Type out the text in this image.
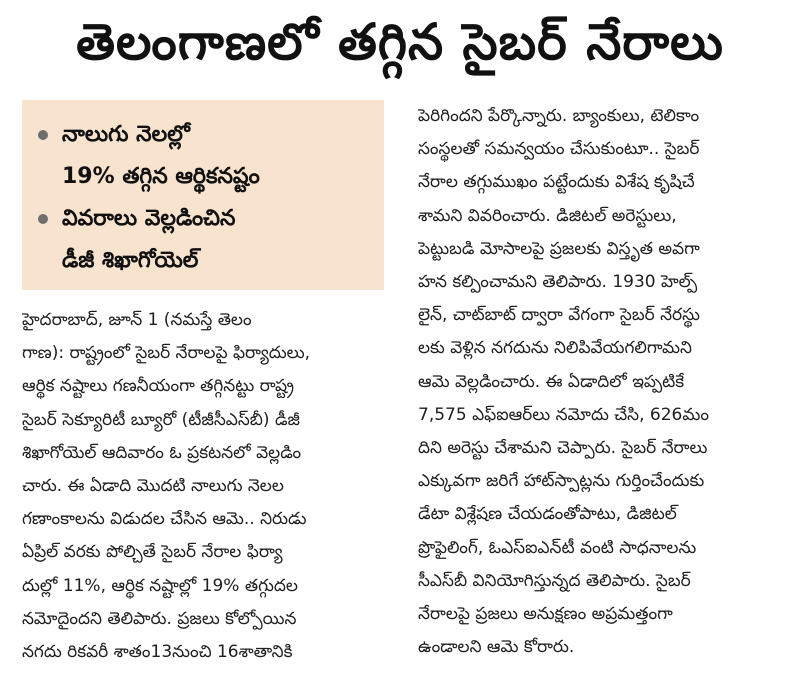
తెలంగాణలో తగ్గిన సైబర్ నేరాలు
నాలుగు నెలల్లో
19% తగ్గిన ఆర్థికనష్టం
వివరాలు వెల్లడించిన
డీజీ శిఖాగోయెల్
హైదరాబాద్, జూన్ 1 (నమస్తే తెలం
గాణ): రాష్ట్రంలో సైబర్ నేరాలపై ఫిర్యాదులు,
ఆర్థిక నష్టాలు గణనీయంగా తగ్గినట్టు రాష్ట్ర
సైబర్ సెక్యూరిటీ బ్యూరో (టీజీసీఎస్‌బీ) డీజీ
శిఖాగోయెల్ ఆదివారం ఓ ప్రకటనలో వెల్లడిం
చారు. ఈ ఏడాది మొదటి నాలుగు నెలల
గణాంకాలను విడుదల చేసిన ఆమె.. నిరుడు
ఏప్రిల్ వరకు పోల్చితే సైబర్ నేరాల ఫిర్యా
దుల్లో 11%, ఆర్థిక నష్టాల్లో 19% తగ్గుదల
నమోదైందని తెలిపారు. ప్రజలు కోల్పోయిన
నగదు రికవరీ శాతం13నుంచి 16శాతానికి
పెరిగిందని పేర్కొన్నారు. బ్యాంకులు, టెలికాం
సంస్థలతో సమన్వయం చేసుకుంటూ.. సైబర్
నేరాల తగ్గుముఖం పట్టేందుకు విశేష కృషిచే
శామని వివరించారు. డిజిటల్ అరెస్టులు,
పెట్టుబడి మోసాలపై ప్రజలకు విస్తృత అవగా
హన కల్పించామని తెలిపారు. 1930 హెల్ప్
లైన్, చాట్‌బాట్ ద్వారా వేగంగా సైబర్ నేరస్థు
లకు వెళ్లిన నగదును నిలిపివేయగలిగామని
ఆమె వెల్లడించారు. ఈ ఏడాదిలో ఇప్పటికే
7,575 ఎఫ్ఐఆర్‌లు నమోదు చేసి, 626మం
దిని అరెస్టు చేశామని చెప్పారు. సైబర్ నేరాలు
ఎక్కువగా జరిగే హాట్‌స్పాట్లను గుర్తించేందుకు
డేటా విశ్లేషణ చేయడంతోపాటు, డిజిటల్
ప్రొఫైలింగ్, ఓఎస్ఐఎన్‌టీ వంటి సాధనాలను
సీఎస్‌బీ వినియోగిస్తున్నద తెలిపారు. సైబర్
నేరాలపై ప్రజలు అనుక్షణం అప్రమత్తంగా
ఉండాలని ఆమె కోరారు.
